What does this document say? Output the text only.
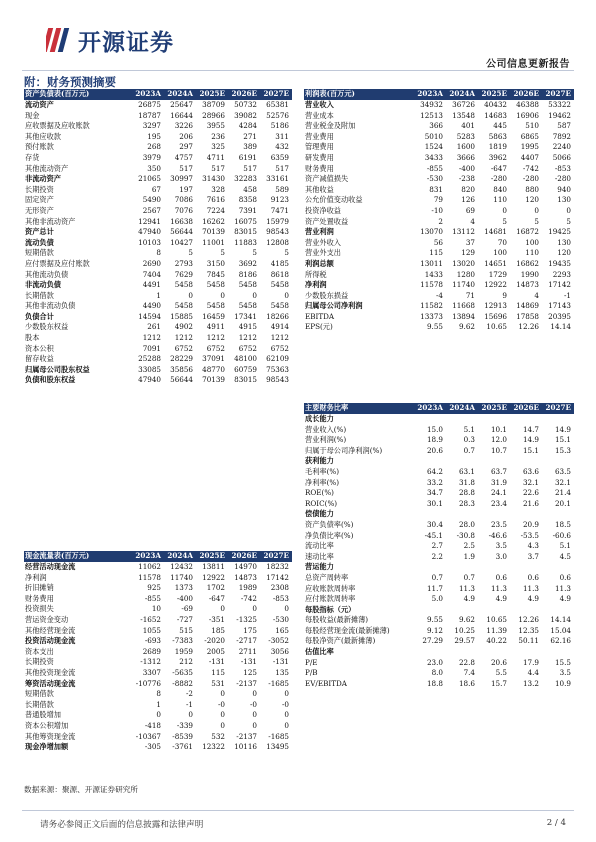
开源证券
公司信息更新报告
附：财务预测摘要
资产负债表(百万元)	2023A	2024A	2025E	2026E	2027E
流动资产	26875	25647	38709	50732	65381
现金	18787	16644	28966	39082	52576
应收票据及应收账款	3297	3226	3955	4284	5186
其他应收款	195	206	236	271	311
预付账款	268	297	325	389	432
存货	3979	4757	4711	6191	6359
其他流动资产	350	517	517	517	517
非流动资产	21065	30997	31430	32283	33161
长期投资	67	197	328	458	589
固定资产	5490	7086	7616	8358	9123
无形资产	2567	7076	7224	7391	7471
其他非流动资产	12941	16638	16262	16075	15979
资产总计	47940	56644	70139	83015	98543
流动负债	10103	10427	11001	11883	12808
短期借款	8	5	5	5	5
应付票据及应付账款	2690	2793	3150	3692	4185
其他流动负债	7404	7629	7845	8186	8618
非流动负债	4491	5458	5458	5458	5458
长期借款	1	0	0	0	0
其他非流动负债	4490	5458	5458	5458	5458
负债合计	14594	15885	16459	17341	18266
少数股东权益	261	4902	4911	4915	4914
股本	1212	1212	1212	1212	1212
资本公积	7091	6752	6752	6752	6752
留存收益	25288	28229	37091	48100	62109
归属母公司股东权益	33085	35856	48770	60759	75363
负债和股东权益	47940	56644	70139	83015	98543
利润表(百万元)	2023A	2024A	2025E	2026E	2027E
营业收入	34932	36726	40432	46388	53322
营业成本	12513	13548	14683	16906	19462
营业税金及附加	366	401	445	510	587
营业费用	5010	5283	5863	6865	7892
管理费用	1524	1600	1819	1995	2240
研发费用	3433	3666	3962	4407	5066
财务费用	-855	-400	-647	-742	-853
资产减值损失	-530	-238	-280	-280	-280
其他收益	831	820	840	880	940
公允价值变动收益	79	126	110	120	130
投资净收益	-10	69	0	0	0
资产处置收益	2	4	5	5	5
营业利润	13070	13112	14681	16872	19425
营业外收入	56	37	70	100	130
营业外支出	115	129	100	110	120
利润总额	13011	13020	14651	16862	19435
所得税	1433	1280	1729	1990	2293
净利润	11578	11740	12922	14873	17142
少数股东损益	-4	71	9	4	-1
归属母公司净利润	11582	11668	12913	14869	17143
EBITDA	13373	13894	15696	17858	20395
EPS(元)	9.55	9.62	10.65	12.26	14.14
主要财务比率	2023A	2024A	2025E	2026E	2027E
成长能力					
营业收入(%)	15.0	5.1	10.1	14.7	14.9
营业利润(%)	18.9	0.3	12.0	14.9	15.1
归属于母公司净利润(%)	20.6	0.7	10.7	15.1	15.3
获利能力					
毛利率(%)	64.2	63.1	63.7	63.6	63.5
净利率(%)	33.2	31.8	31.9	32.1	32.1
ROE(%)	34.7	28.8	24.1	22.6	21.4
ROIC(%)	30.1	28.3	23.4	21.6	20.1
偿债能力					
资产负债率(%)	30.4	28.0	23.5	20.9	18.5
净负债比率(%)	-45.1	-30.8	-46.6	-53.5	-60.6
流动比率	2.7	2.5	3.5	4.3	5.1
速动比率	2.2	1.9	3.0	3.7	4.5
营运能力					
总资产周转率	0.7	0.7	0.6	0.6	0.6
应收账款周转率	11.7	11.3	11.3	11.3	11.3
应付账款周转率	5.0	4.9	4.9	4.9	4.9
每股指标（元）					
每股收益(最新摊薄)	9.55	9.62	10.65	12.26	14.14
每股经营现金流(最新摊薄)	9.12	10.25	11.39	12.35	15.04
每股净资产(最新摊薄)	27.29	29.57	40.22	50.11	62.16
估值比率					
P/E	23.0	22.8	20.6	17.9	15.5
P/B	8.0	7.4	5.5	4.4	3.5
EV/EBITDA	18.8	18.6	15.7	13.2	10.9
现金流量表(百万元)	2023A	2024A	2025E	2026E	2027E
经营活动现金流	11062	12432	13811	14970	18232
净利润	11578	11740	12922	14873	17142
折旧摊销	925	1373	1702	1989	2308
财务费用	-855	-400	-647	-742	-853
投资损失	10	-69	0	0	0
营运资金变动	-1652	-727	-351	-1325	-530
其他经营现金流	1055	515	185	175	165
投资活动现金流	-693	-7383	-2020	-2717	-3052
资本支出	2689	1959	2005	2711	3056
长期投资	-1312	212	-131	-131	-131
其他投资现金流	3307	-5635	115	125	135
筹资活动现金流	-10776	-8882	531	-2137	-1685
短期借款	8	-2	0	0	0
长期借款	1	-1	-0	-0	-0
普通股增加	0	0	0	0	0
资本公积增加	-418	-339	0	0	0
其他筹资现金流	-10367	-8539	532	-2137	-1685
现金净增加额	-305	-3761	12322	10116	13495
数据来源：聚源、开源证券研究所
请务必参阅正文后面的信息披露和法律声明	2 / 4
